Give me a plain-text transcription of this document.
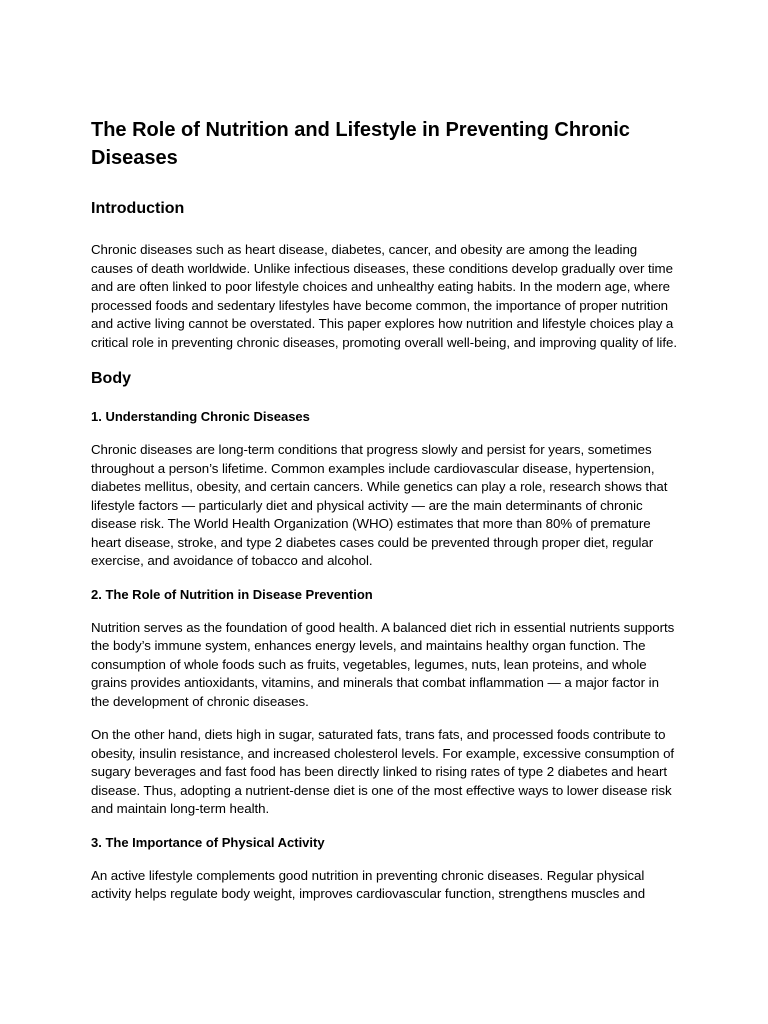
The Role of Nutrition and Lifestyle in Preventing Chronic Diseases
Introduction

Chronic diseases such as heart disease, diabetes, cancer, and obesity are among the leading causes of death worldwide. Unlike infectious diseases, these conditions develop gradually over time and are often linked to poor lifestyle choices and unhealthy eating habits. In the modern age, where processed foods and sedentary lifestyles have become common, the importance of proper nutrition and active living cannot be overstated. This paper explores how nutrition and lifestyle choices play a critical role in preventing chronic diseases, promoting overall well-being, and improving quality of life.

Body
1. Understanding Chronic Diseases

Chronic diseases are long-term conditions that progress slowly and persist for years, sometimes throughout a person’s lifetime. Common examples include cardiovascular disease, hypertension, diabetes mellitus, obesity, and certain cancers. While genetics can play a role, research shows that lifestyle factors — particularly diet and physical activity — are the main determinants of chronic disease risk. The World Health Organization (WHO) estimates that more than 80% of premature heart disease, stroke, and type 2 diabetes cases could be prevented through proper diet, regular exercise, and avoidance of tobacco and alcohol.

2. The Role of Nutrition in Disease Prevention

Nutrition serves as the foundation of good health. A balanced diet rich in essential nutrients supports the body’s immune system, enhances energy levels, and maintains healthy organ function. The consumption of whole foods such as fruits, vegetables, legumes, nuts, lean proteins, and whole grains provides antioxidants, vitamins, and minerals that combat inflammation — a major factor in the development of chronic diseases.

On the other hand, diets high in sugar, saturated fats, trans fats, and processed foods contribute to obesity, insulin resistance, and increased cholesterol levels. For example, excessive consumption of sugary beverages and fast food has been directly linked to rising rates of type 2 diabetes and heart disease. Thus, adopting a nutrient-dense diet is one of the most effective ways to lower disease risk and maintain long-term health.

3. The Importance of Physical Activity

An active lifestyle complements good nutrition in preventing chronic diseases. Regular physical activity helps regulate body weight, improves cardiovascular function, strengthens muscles and
